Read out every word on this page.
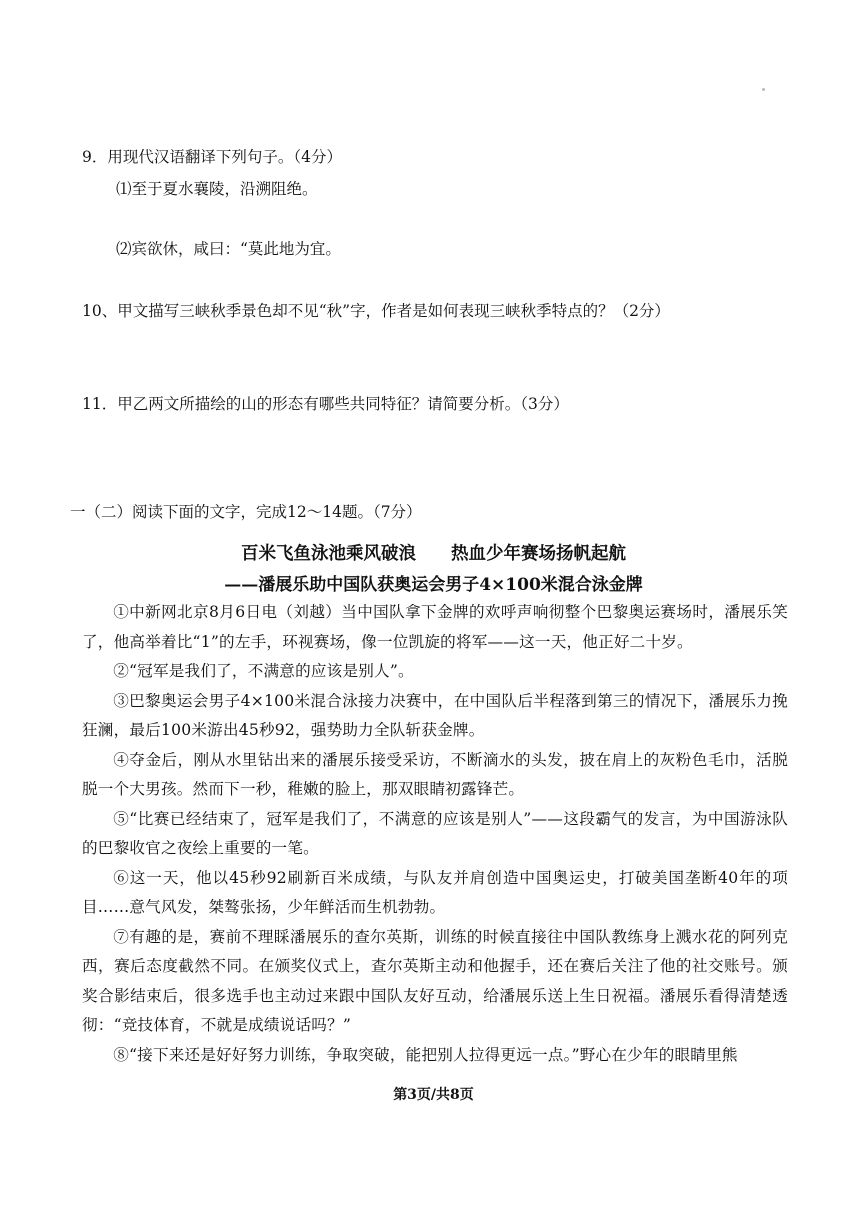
9．用现代汉语翻译下列句子。（4分）
⑴至于夏水襄陵，沿溯阻绝。
⑵宾欲休，咸曰：“莫此地为宜。
10、甲文描写三峡秋季景色却不见“秋”字，作者是如何表现三峡秋季特点的？（2分）
11．甲乙两文所描绘的山的形态有哪些共同特征？请简要分析。（3分）
一（二）阅读下面的文字，完成12～14题。（7分）
百米飞鱼泳池乘风破浪　　热血少年赛场扬帆起航
——潘展乐助中国队获奥运会男子4×100米混合泳金牌

①中新网北京8月6日电（刘越）当中国队拿下金牌的欢呼声响彻整个巴黎奥运赛场时，潘展乐笑了，他高举着比“1”的左手，环视赛场，像一位凯旋的将军——这一天，他正好二十岁。

②“冠军是我们了，不满意的应该是别人”。

③巴黎奥运会男子4×100米混合泳接力决赛中，在中国队后半程落到第三的情况下，潘展乐力挽狂澜，最后100米游出45秒92，强势助力全队斩获金牌。

④夺金后，刚从水里钻出来的潘展乐接受采访，不断滴水的头发，披在肩上的灰粉色毛巾，活脱脱一个大男孩。然而下一秒，稚嫩的脸上，那双眼睛初露锋芒。

⑤“比赛已经结束了，冠军是我们了，不满意的应该是别人”——这段霸气的发言，为中国游泳队的巴黎收官之夜绘上重要的一笔。

⑥这一天，他以45秒92刷新百米成绩，与队友并肩创造中国奥运史，打破美国垄断40年的项目……意气风发，桀骜张扬，少年鲜活而生机勃勃。

⑦有趣的是，赛前不理睬潘展乐的查尔英斯，训练的时候直接往中国队教练身上溅水花的阿列克西，赛后态度截然不同。在颁奖仪式上，查尔英斯主动和他握手，还在赛后关注了他的社交账号。颁奖合影结束后，很多选手也主动过来跟中国队友好互动，给潘展乐送上生日祝福。潘展乐看得清楚透彻：“竞技体育，不就是成绩说话吗？”

⑧“接下来还是好好努力训练，争取突破，能把别人拉得更远一点。”野心在少年的眼睛里熊

第3页/共8页
